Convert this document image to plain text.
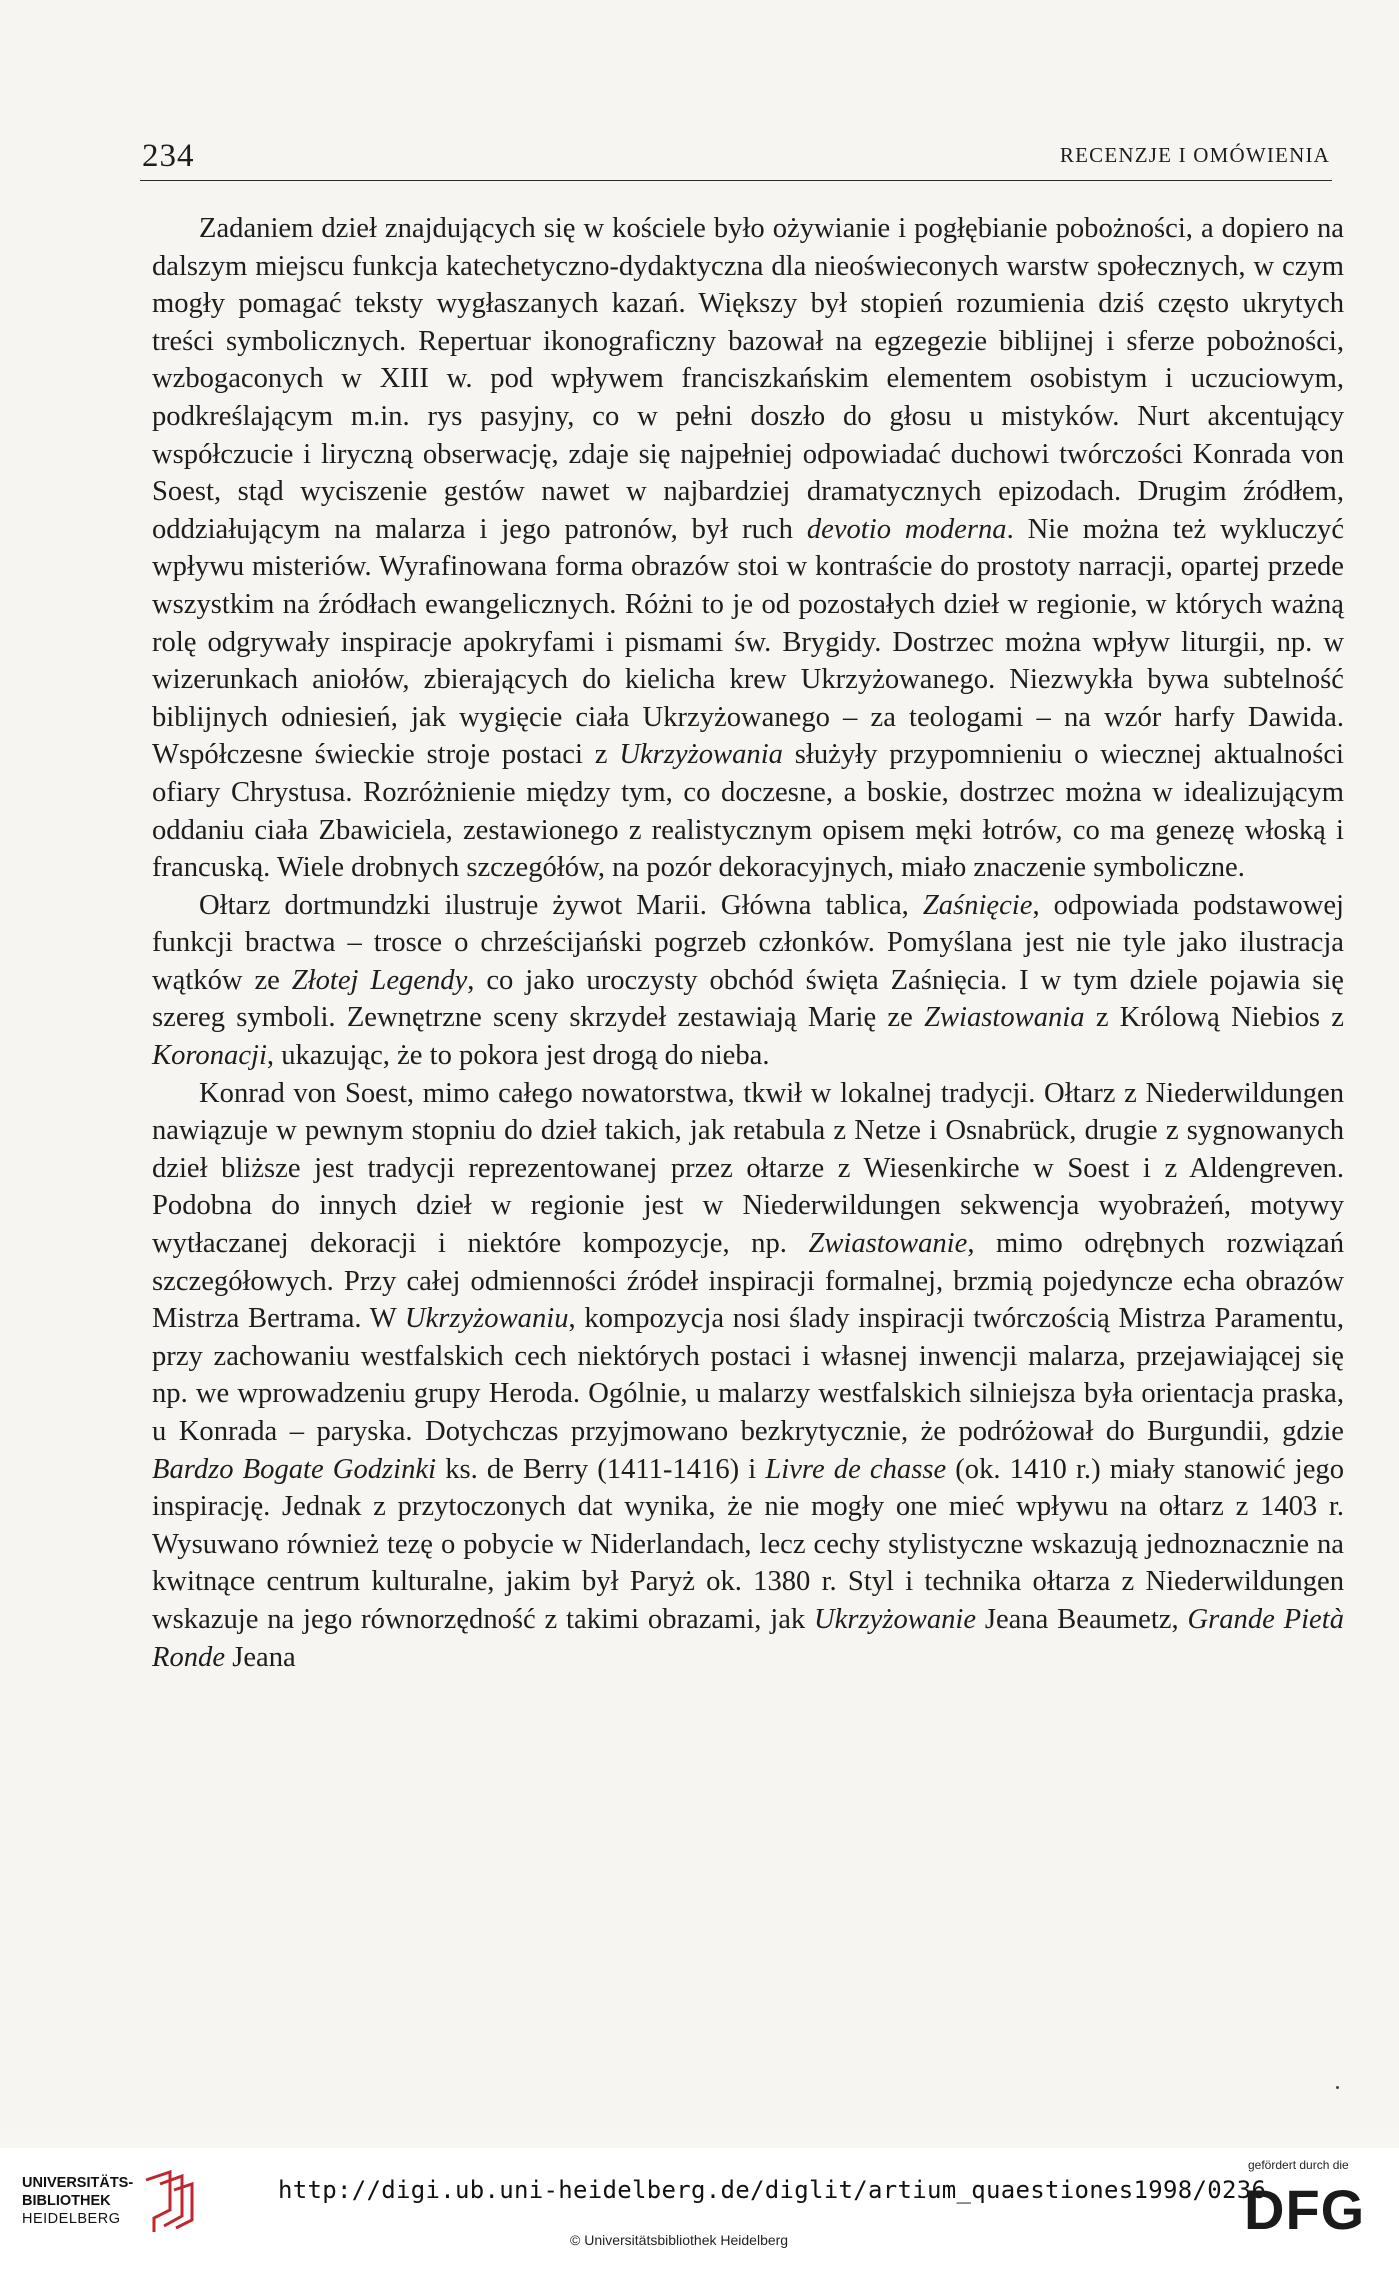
234	RECENZJE I OMÓWIENIA

Zadaniem dzieł znajdujących się w kościele było ożywianie i pogłębianie pobożności, a dopiero na dalszym miejscu funkcja katechetyczno-dydaktyczna dla nieoświeconych warstw społecznych, w czym mogły pomagać teksty wygłaszanych kazań. Większy był stopień rozumienia dziś często ukrytych treści symbolicznych. Repertuar ikonograficzny bazował na egzegezie biblijnej i sferze pobożności, wzbogaconych w XIII w. pod wpływem franciszkańskim elementem osobistym i uczuciowym, podkreślającym m.in. rys pasyjny, co w pełni doszło do głosu u mistyków. Nurt akcentujący współczucie i liryczną obserwację, zdaje się najpełniej odpowiadać duchowi twórczości Konrada von Soest, stąd wyciszenie gestów nawet w najbardziej dramatycznych epizodach. Drugim źródłem, oddziałującym na malarza i jego patronów, był ruch devotio moderna. Nie można też wykluczyć wpływu misteriów. Wyrafinowana forma obrazów stoi w kontraście do prostoty narracji, opartej przede wszystkim na źródłach ewangelicznych. Różni to je od pozostałych dzieł w regionie, w których ważną rolę odgrywały inspiracje apokryfami i pismami św. Brygidy. Dostrzec można wpływ liturgii, np. w wizerunkach aniołów, zbierających do kielicha krew Ukrzyżowanego. Niezwykła bywa subtelność biblijnych odniesień, jak wygięcie ciała Ukrzyżowanego – za teologami – na wzór harfy Dawida. Współczesne świeckie stroje postaci z Ukrzyżowania służyły przypomnieniu o wiecznej aktualności ofiary Chrystusa. Rozróżnienie między tym, co doczesne, a boskie, dostrzec można w idealizującym oddaniu ciała Zbawiciela, zestawionego z realistycznym opisem męki łotrów, co ma genezę włoską i francuską. Wiele drobnych szczegółów, na pozór dekoracyjnych, miało znaczenie symboliczne.

Ołtarz dortmundzki ilustruje żywot Marii. Główna tablica, Zaśnięcie, odpowiada podstawowej funkcji bractwa – trosce o chrześcijański pogrzeb członków. Pomyślana jest nie tyle jako ilustracja wątków ze Złotej Legendy, co jako uroczysty obchód święta Zaśnięcia. I w tym dziele pojawia się szereg symboli. Zewnętrzne sceny skrzydeł zestawiają Marię ze Zwiastowania z Królową Niebios z Koronacji, ukazując, że to pokora jest drogą do nieba.

Konrad von Soest, mimo całego nowatorstwa, tkwił w lokalnej tradycji. Ołtarz z Niederwildungen nawiązuje w pewnym stopniu do dzieł takich, jak retabula z Netze i Osnabrück, drugie z sygnowanych dzieł bliższe jest tradycji reprezentowanej przez ołtarze z Wiesenkirche w Soest i z Aldengreven. Podobna do innych dzieł w regionie jest w Niederwildungen sekwencja wyobrażeń, motywy wytłaczanej dekoracji i niektóre kompozycje, np. Zwiastowanie, mimo odrębnych rozwiązań szczegółowych. Przy całej odmienności źródeł inspiracji formalnej, brzmią pojedyncze echa obrazów Mistrza Bertrama. W Ukrzyżowaniu, kompozycja nosi ślady inspiracji twórczością Mistrza Paramentu, przy zachowaniu westfalskich cech niektórych postaci i własnej inwencji malarza, przejawiającej się np. we wprowadzeniu grupy Heroda. Ogólnie, u malarzy westfalskich silniejsza była orientacja praska, u Konrada – paryska. Dotychczas przyjmowano bezkrytycznie, że podróżował do Burgundii, gdzie Bardzo Bogate Godzinki ks. de Berry (1411-1416) i Livre de chasse (ok. 1410 r.) miały stanowić jego inspirację. Jednak z przytoczonych dat wynika, że nie mogły one mieć wpływu na ołtarz z 1403 r. Wysuwano również tezę o pobycie w Niderlandach, lecz cechy stylistyczne wskazują jednoznacznie na kwitnące centrum kulturalne, jakim był Paryż ok. 1380 r. Styl i technika ołtarza z Niederwildungen wskazuje na jego równorzędność z takimi obrazami, jak Ukrzyżowanie Jeana Beaumetz, Grande Pietà Ronde Jeana

UNIVERSITÄTS-
BIBLIOTHEK
HEIDELBERG
http://digi.ub.uni-heidelberg.de/diglit/artium_quaestiones1998/0236
© Universitätsbibliothek Heidelberg
gefördert durch die
DFG
